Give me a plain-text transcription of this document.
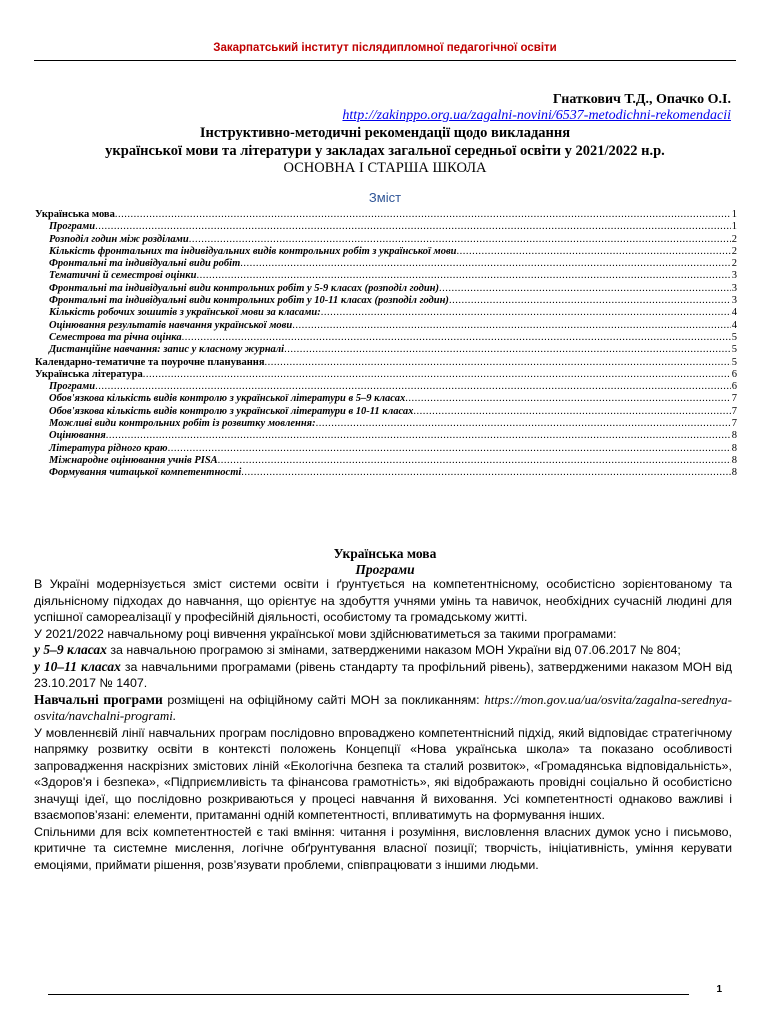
Закарпатський інститут післядипломної педагогічної освіти
Гнаткович Т.Д., Опачко О.І.
http://zakinppo.org.ua/zagalni-novini/6537-metodichni-rekomendacii
Інструктивно-методичні рекомендації щодо викладання
української мови та літератури у закладах загальної середньої освіти у 2021/2022 н.р.
ОСНОВНА І СТАРША ШКОЛА
Зміст
Українська мова .....	1
Програми .....	1
Розподіл годин між розділами .....	2
Кількість фронтальних та індивідуальних видів контрольних робіт з української мови .....	2
Фронтальні та індивідуальні види робіт .....	2
Тематичні й семестрові оцінки .....	3
Фронтальні та індивідуальні види контрольних робіт у 5-9 класах (розподіл годин) .....	3
Фронтальні та індивідуальні види контрольних робіт у 10-11 класах (розподіл годин) .....	3
Кількість робочих зошитів з української мови за класами: .....	4
Оцінювання результатів навчання української мови .....	4
Семестрова та річна оцінка .....	5
Дистанційне навчання: запис у класному журналі .....	5
Календарно-тематичне та поурочне планування .....	5
Українська література .....	6
Програми .....	6
Обов'язкова кількість видів контролю з української літератури в 5–9 класах .....	7
Обов'язкова кількість видів контролю з української літератури в 10-11 класах .....	7
Можливі види контрольних робіт із розвитку мовлення: .....	7
Оцінювання .....	8
Література рідного краю .....	8
Міжнародне оцінювання учнів PISA .....	8
Формування читацької компетентності .....	8
Українська мова
Програми

В Україні модернізується зміст системи освіти і ґрунтується на компетентнісному, особистісно зорієнтованому та діяльнісному підходах до навчання, що орієнтує на здобуття учнями умінь та навичок, необхідних сучасній людині для успішної самореалізації у професійній діяльності, особистому та громадському житті.

У 2021/2022 навчальному році вивчення української мови здійснюватиметься за такими програмами:

у 5–9 класах за навчальною програмою зі змінами, затвердженими наказом МОН України від 07.06.2017 № 804;

у 10–11 класах за навчальними програмами (рівень стандарту та профільний рівень), затвердженими наказом МОН від 23.10.2017 № 1407.

Навчальні програми розміщені на офіційному сайті МОН за покликанням: https://mon.gov.ua/ua/osvita/zagalna-serednya-osvita/navchalni-programi.

У мовленнєвій лінії навчальних програм послідовно впроваджено компетентнісний підхід, який відповідає стратегічному напрямку розвитку освіти в контексті положень Концепції «Нова українська школа» та показано особливості запровадження наскрізних змістових ліній «Екологічна безпека та сталий розвиток», «Громадянська відповідальність», «Здоров'я і безпека», «Підприємливість та фінансова грамотність», які відображають провідні соціально й особистісно значущі ідеї, що послідовно розкриваються у процесі навчання й виховання. Усі компетентності однаково важливі і взаємопов’язані: елементи, притаманні одній компетентності, впливатимуть на формування інших.

Спільними для всіх компетентностей є такі вміння: читання і розуміння, висловлення власних думок усно і письмово, критичне та системне мислення, логічне обґрунтування власної позиції; творчість, ініціативність, уміння керувати емоціями, приймати рішення, розв’язувати проблеми, співпрацювати з іншими людьми.

1
